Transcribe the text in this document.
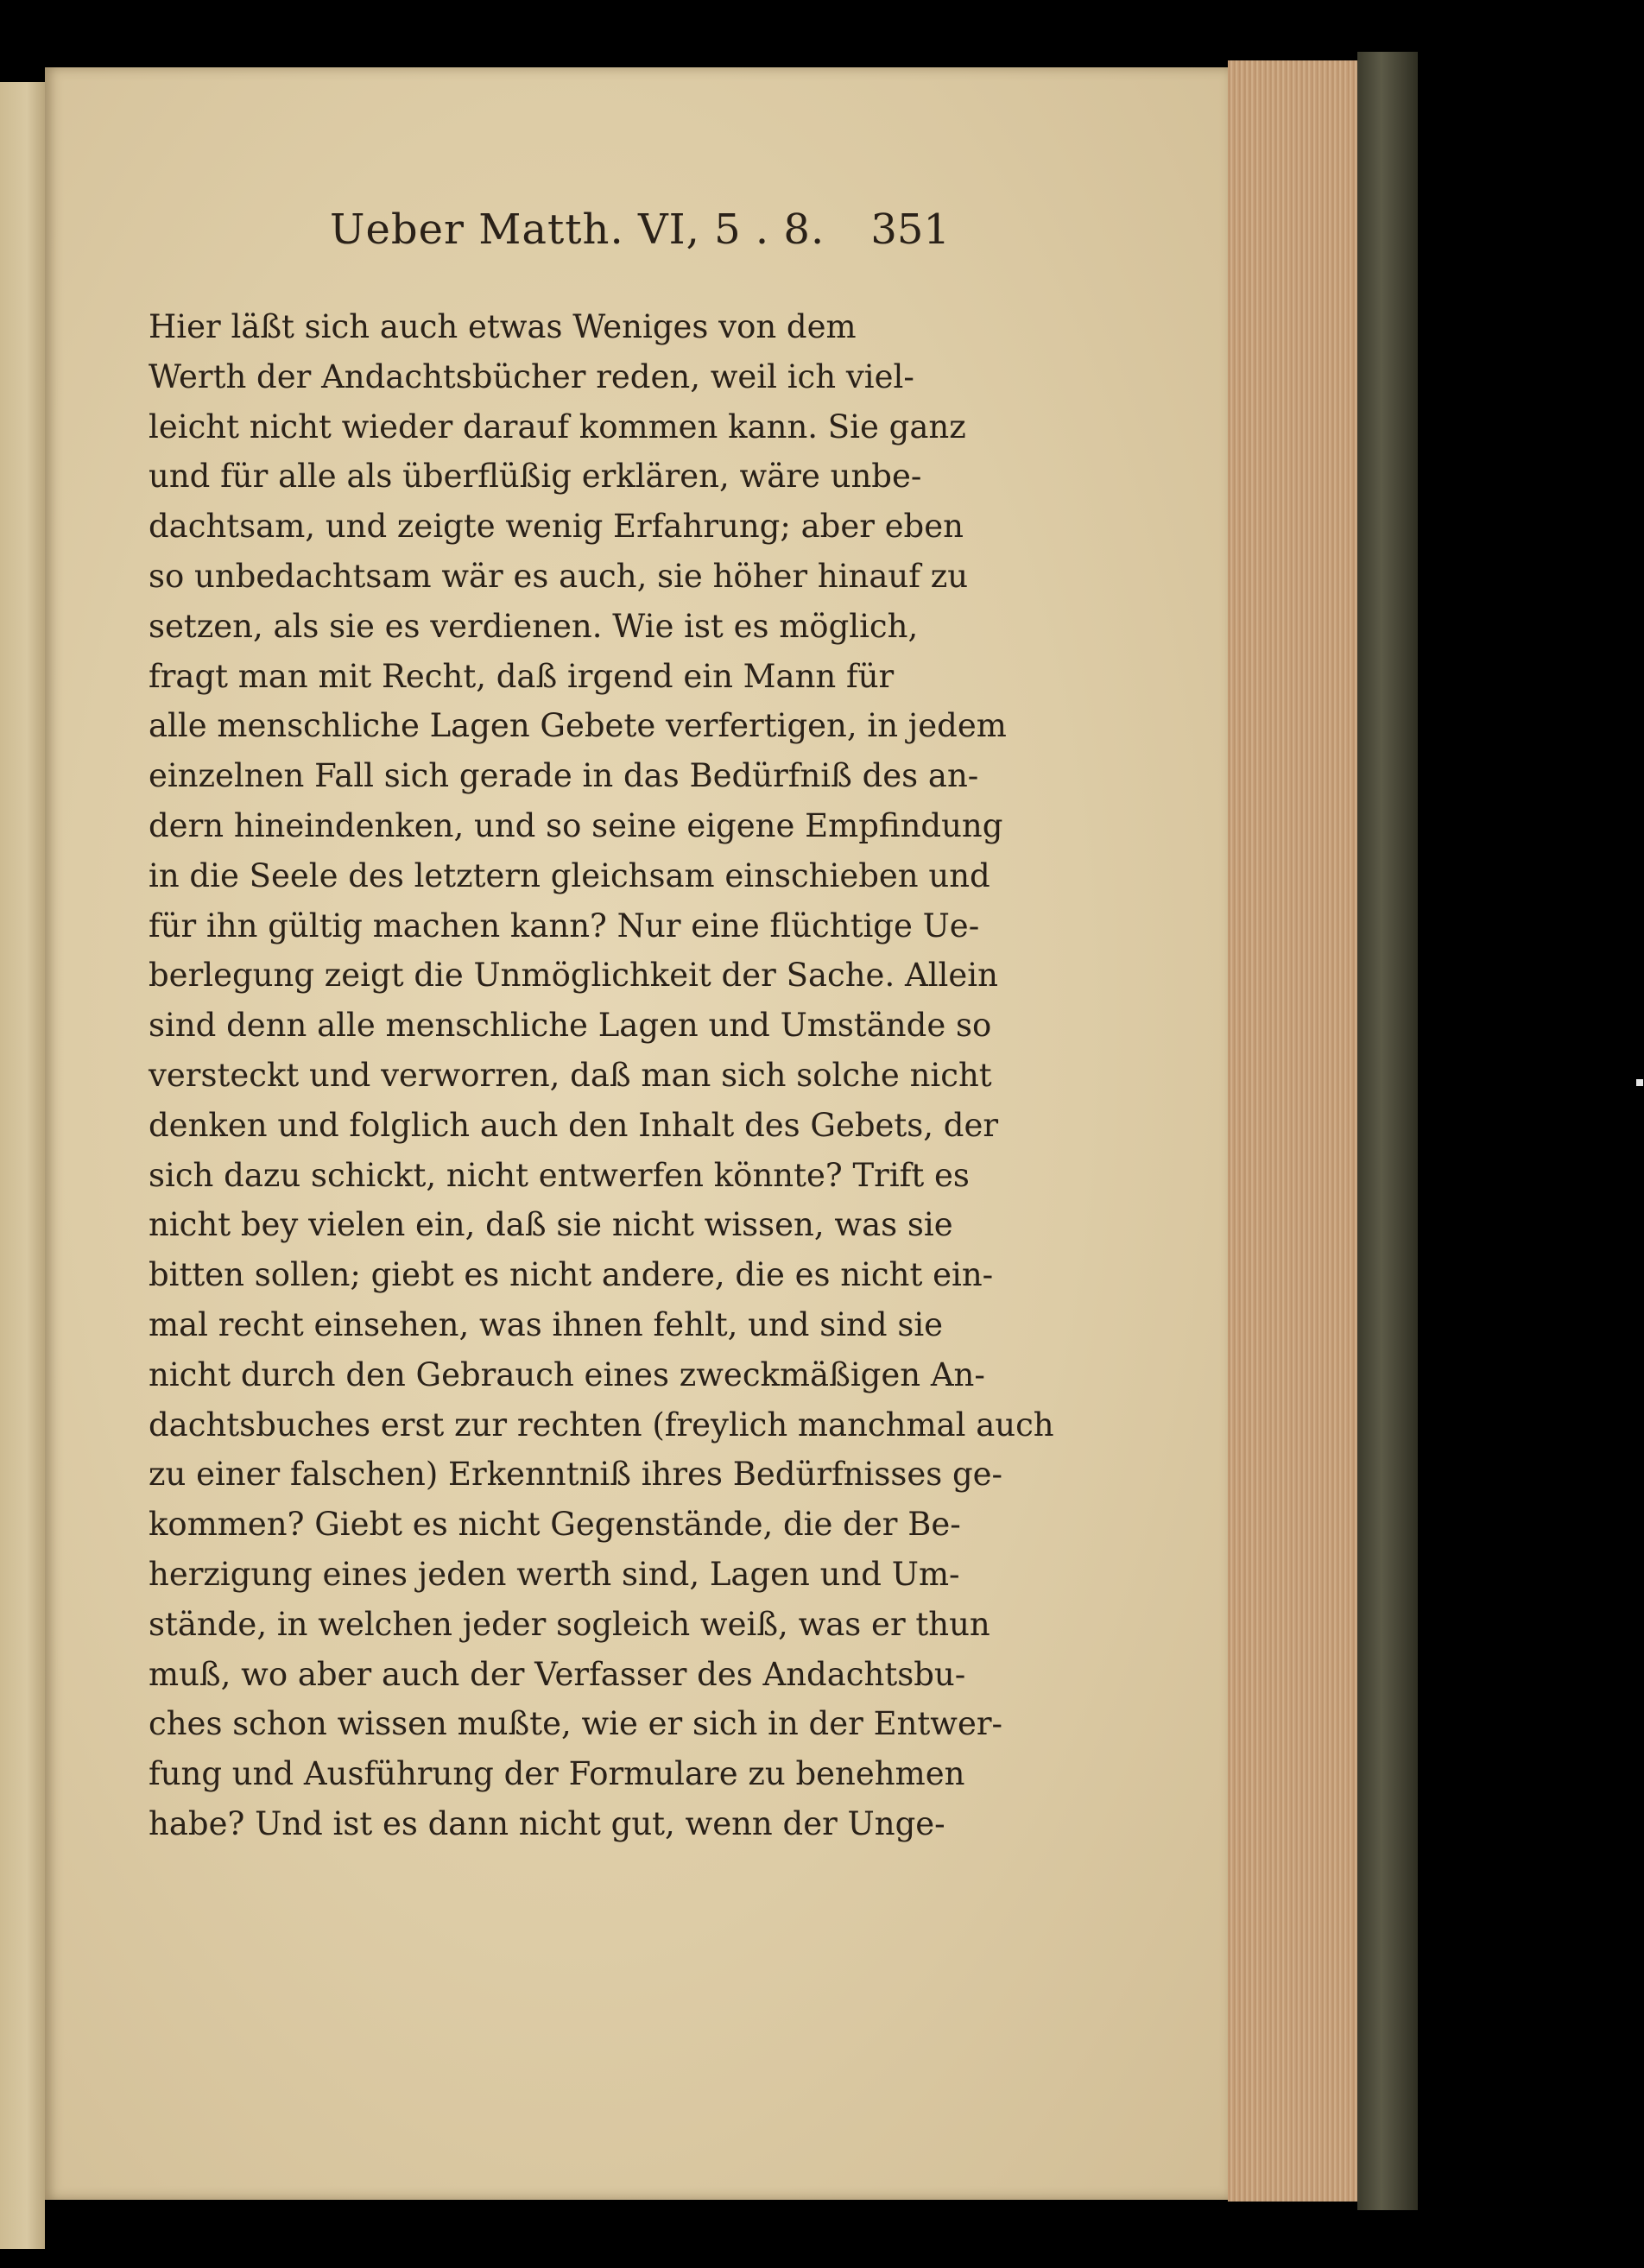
Ueber Matth. VI, 5 . 8. 351
Hier läßt sich auch etwas Weniges von dem
Werth der Andachtsbücher reden, weil ich viel-
leicht nicht wieder darauf kommen kann. Sie ganz
und für alle als überflüßig erklären, wäre unbe-
dachtsam, und zeigte wenig Erfahrung; aber eben
so unbedachtsam wär es auch, sie höher hinauf zu
setzen, als sie es verdienen. Wie ist es möglich,
fragt man mit Recht, daß irgend ein Mann für
alle menschliche Lagen Gebete verfertigen, in jedem
einzelnen Fall sich gerade in das Bedürfniß des an-
dern hineindenken, und so seine eigene Empfindung
in die Seele des letztern gleichsam einschieben und
für ihn gültig machen kann? Nur eine flüchtige Ue-
berlegung zeigt die Unmöglichkeit der Sache. Allein
sind denn alle menschliche Lagen und Umstände so
versteckt und verworren, daß man sich solche nicht
denken und folglich auch den Inhalt des Gebets, der
sich dazu schickt, nicht entwerfen könnte? Trift es
nicht bey vielen ein, daß sie nicht wissen, was sie
bitten sollen; giebt es nicht andere, die es nicht ein-
mal recht einsehen, was ihnen fehlt, und sind sie
nicht durch den Gebrauch eines zweckmäßigen An-
dachtsbuches erst zur rechten (freylich manchmal auch
zu einer falschen) Erkenntniß ihres Bedürfnisses ge-
kommen? Giebt es nicht Gegenstände, die der Be-
herzigung eines jeden werth sind, Lagen und Um-
stände, in welchen jeder sogleich weiß, was er thun
muß, wo aber auch der Verfasser des Andachtsbu-
ches schon wissen mußte, wie er sich in der Entwer-
fung und Ausführung der Formulare zu benehmen
habe? Und ist es dann nicht gut, wenn der Unge-
